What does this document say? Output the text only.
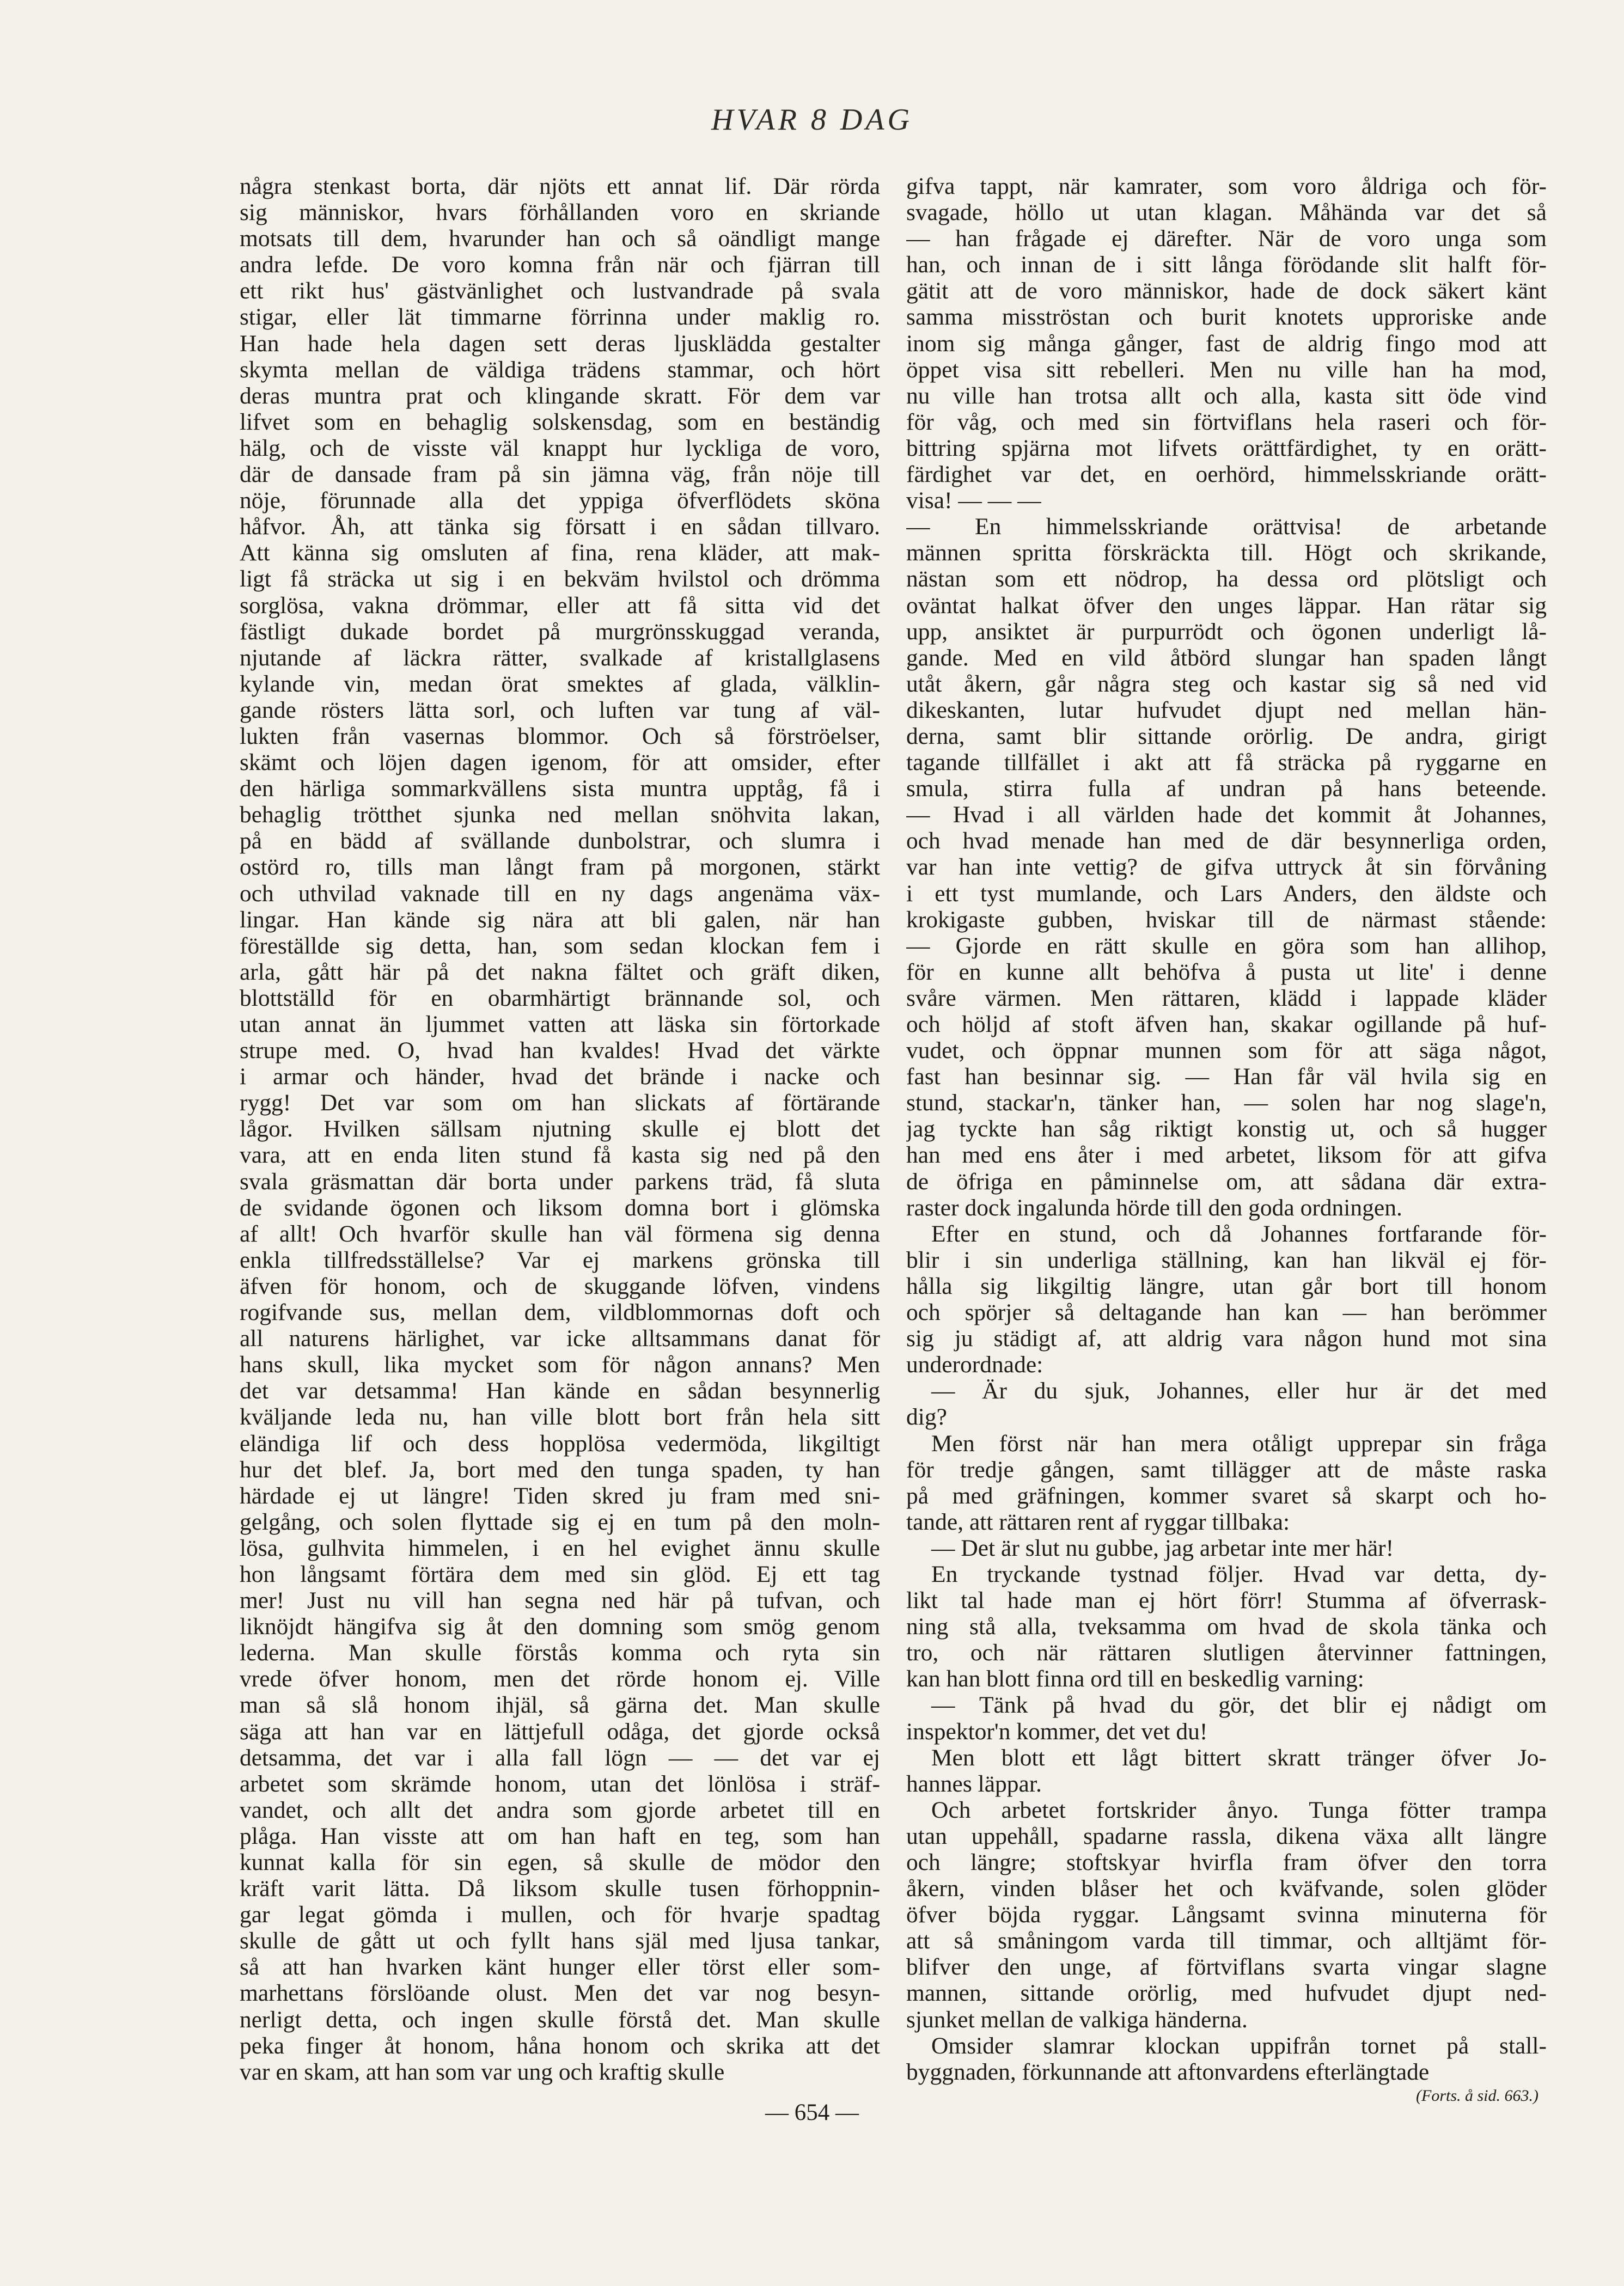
HVAR 8 DAG

några stenkast borta, där njöts ett annat lif. Där rörda

sig människor, hvars förhållanden voro en skriande

motsats till dem, hvarunder han och så oändligt mange

andra lefde. De voro komna från när och fjärran till

ett rikt hus' gästvänlighet och lustvandrade på svala

stigar, eller lät timmarne förrinna under maklig ro.

Han hade hela dagen sett deras ljusklädda gestalter

skymta mellan de väldiga trädens stammar, och hört

deras muntra prat och klingande skratt. För dem var

lifvet som en behaglig solskensdag, som en beständig

hälg, och de visste väl knappt hur lyckliga de voro,

där de dansade fram på sin jämna väg, från nöje till

nöje, förunnade alla det yppiga öfverflödets sköna

håfvor. Åh, att tänka sig försatt i en sådan tillvaro.

Att känna sig omsluten af fina, rena kläder, att mak-

ligt få sträcka ut sig i en bekväm hvilstol och drömma

sorglösa, vakna drömmar, eller att få sitta vid det

fästligt dukade bordet på murgrönsskuggad veranda,

njutande af läckra rätter, svalkade af kristallglasens

kylande vin, medan örat smektes af glada, välklin-

gande rösters lätta sorl, och luften var tung af väl-

lukten från vasernas blommor. Och så förströelser,

skämt och löjen dagen igenom, för att omsider, efter

den härliga sommarkvällens sista muntra upptåg, få i

behaglig trötthet sjunka ned mellan snöhvita lakan,

på en bädd af svällande dunbolstrar, och slumra i

ostörd ro, tills man långt fram på morgonen, stärkt

och uthvilad vaknade till en ny dags angenäma väx-

lingar. Han kände sig nära att bli galen, när han

föreställde sig detta, han, som sedan klockan fem i

arla, gått här på det nakna fältet och gräft diken,

blottställd för en obarmhärtigt brännande sol, och

utan annat än ljummet vatten att läska sin förtorkade

strupe med. O, hvad han kvaldes! Hvad det värkte

i armar och händer, hvad det brände i nacke och

rygg! Det var som om han slickats af förtärande

lågor. Hvilken sällsam njutning skulle ej blott det

vara, att en enda liten stund få kasta sig ned på den

svala gräsmattan där borta under parkens träd, få sluta

de svidande ögonen och liksom domna bort i glömska

af allt! Och hvarför skulle han väl förmena sig denna

enkla tillfredsställelse? Var ej markens grönska till

äfven för honom, och de skuggande löfven, vindens

rogifvande sus, mellan dem, vildblommornas doft och

all naturens härlighet, var icke alltsammans danat för

hans skull, lika mycket som för någon annans? Men

det var detsamma! Han kände en sådan besynnerlig

kväljande leda nu, han ville blott bort från hela sitt

eländiga lif och dess hopplösa vedermöda, likgiltigt

hur det blef. Ja, bort med den tunga spaden, ty han

härdade ej ut längre! Tiden skred ju fram med sni-

gelgång, och solen flyttade sig ej en tum på den moln-

lösa, gulhvita himmelen, i en hel evighet ännu skulle

hon långsamt förtära dem med sin glöd. Ej ett tag

mer! Just nu vill han segna ned här på tufvan, och

liknöjdt hängifva sig åt den domning som smög genom

lederna. Man skulle förstås komma och ryta sin

vrede öfver honom, men det rörde honom ej. Ville

man så slå honom ihjäl, så gärna det. Man skulle

säga att han var en lättjefull odåga, det gjorde också

detsamma, det var i alla fall lögn — — det var ej

arbetet som skrämde honom, utan det lönlösa i sträf-

vandet, och allt det andra som gjorde arbetet till en

plåga. Han visste att om han haft en teg, som han

kunnat kalla för sin egen, så skulle de mödor den

kräft varit lätta. Då liksom skulle tusen förhoppnin-

gar legat gömda i mullen, och för hvarje spadtag

skulle de gått ut och fyllt hans själ med ljusa tankar,

så att han hvarken känt hunger eller törst eller som-

marhettans förslöande olust. Men det var nog besyn-

nerligt detta, och ingen skulle förstå det. Man skulle

peka finger åt honom, håna honom och skrika att det

var en skam, att han som var ung och kraftig skulle

gifva tappt, när kamrater, som voro åldriga och för-

svagade, höllo ut utan klagan. Måhända var det så

— han frågade ej därefter. När de voro unga som

han, och innan de i sitt långa förödande slit halft för-

gätit att de voro människor, hade de dock säkert känt

samma misströstan och burit knotets upproriske ande

inom sig många gånger, fast de aldrig fingo mod att

öppet visa sitt rebelleri. Men nu ville han ha mod,

nu ville han trotsa allt och alla, kasta sitt öde vind

för våg, och med sin förtviflans hela raseri och för-

bittring spjärna mot lifvets orättfärdighet, ty en orätt-

färdighet var det, en oerhörd, himmelsskriande orätt-

visa! — — —

— En himmelsskriande orättvisa! de arbetande

männen spritta förskräckta till. Högt och skrikande,

nästan som ett nödrop, ha dessa ord plötsligt och

oväntat halkat öfver den unges läppar. Han rätar sig

upp, ansiktet är purpurrödt och ögonen underligt lå-

gande. Med en vild åtbörd slungar han spaden långt

utåt åkern, går några steg och kastar sig så ned vid

dikeskanten, lutar hufvudet djupt ned mellan hän-

derna, samt blir sittande orörlig. De andra, girigt

tagande tillfället i akt att få sträcka på ryggarne en

smula, stirra fulla af undran på hans beteende.

— Hvad i all världen hade det kommit åt Johannes,

och hvad menade han med de där besynnerliga orden,

var han inte vettig? de gifva uttryck åt sin förvåning

i ett tyst mumlande, och Lars Anders, den äldste och

krokigaste gubben, hviskar till de närmast stående:

— Gjorde en rätt skulle en göra som han allihop,

för en kunne allt behöfva å pusta ut lite' i denne

svåre värmen. Men rättaren, klädd i lappade kläder

och höljd af stoft äfven han, skakar ogillande på huf-

vudet, och öppnar munnen som för att säga något,

fast han besinnar sig. — Han får väl hvila sig en

stund, stackar'n, tänker han, — solen har nog slage'n,

jag tyckte han såg riktigt konstig ut, och så hugger

han med ens åter i med arbetet, liksom för att gifva

de öfriga en påminnelse om, att sådana där extra-

raster dock ingalunda hörde till den goda ordningen.

Efter en stund, och då Johannes fortfarande för-

blir i sin underliga ställning, kan han likväl ej för-

hålla sig likgiltig längre, utan går bort till honom

och spörjer så deltagande han kan — han berömmer

sig ju städigt af, att aldrig vara någon hund mot sina

underordnade:

— Är du sjuk, Johannes, eller hur är det med

dig?

Men först när han mera otåligt upprepar sin fråga

för tredje gången, samt tillägger att de måste raska

på med gräfningen, kommer svaret så skarpt och ho-

tande, att rättaren rent af ryggar tillbaka:

— Det är slut nu gubbe, jag arbetar inte mer här!

En tryckande tystnad följer. Hvad var detta, dy-

likt tal hade man ej hört förr! Stumma af öfverrask-

ning stå alla, tveksamma om hvad de skola tänka och

tro, och när rättaren slutligen återvinner fattningen,

kan han blott finna ord till en beskedlig varning:

— Tänk på hvad du gör, det blir ej nådigt om

inspektor'n kommer, det vet du!

Men blott ett lågt bittert skratt tränger öfver Jo-

hannes läppar.

Och arbetet fortskrider ånyo. Tunga fötter trampa

utan uppehåll, spadarne rassla, dikena växa allt längre

och längre; stoftskyar hvirfla fram öfver den torra

åkern, vinden blåser het och kväfvande, solen glöder

öfver böjda ryggar. Långsamt svinna minuterna för

att så småningom varda till timmar, och alltjämt för-

blifver den unge, af förtviflans svarta vingar slagne

mannen, sittande orörlig, med hufvudet djupt ned-

sjunket mellan de valkiga händerna.

Omsider slamrar klockan uppifrån tornet på stall-

byggnaden, förkunnande att aftonvardens efterlängtade

(Forts. å sid. 663.)
— 654 —
